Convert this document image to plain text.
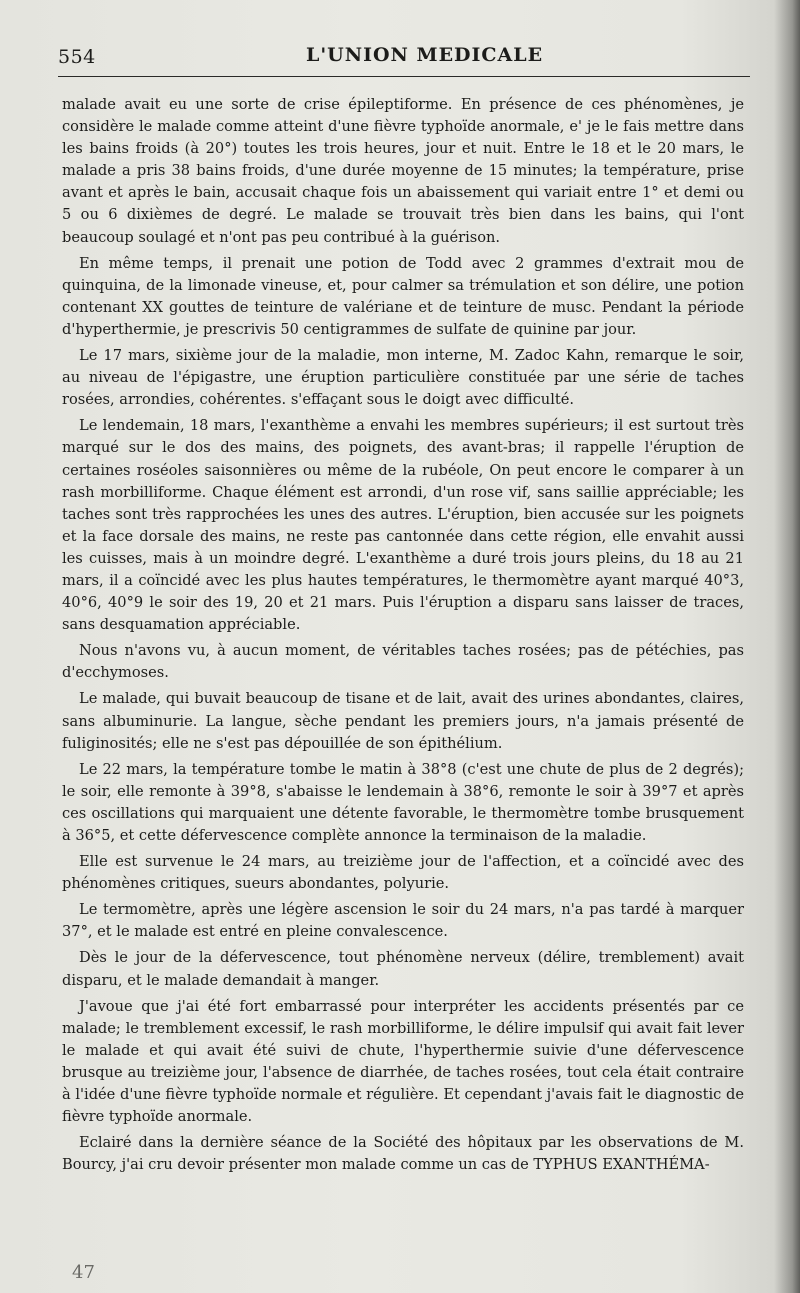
554	L'UNION MEDICALE

malade avait eu une sorte de crise épileptiforme. En présence de ces phénomènes, je considère le malade comme atteint d'une fièvre typhoïde anormale, e' je le fais mettre dans les bains froids (à 20°) toutes les trois heures, jour et nuit. Entre le 18 et le 20 mars, le malade a pris 38 bains froids, d'une durée moyenne de 15 minutes; la température, prise avant et après le bain, accusait chaque fois un abaissement qui variait entre 1° et demi ou 5 ou 6 dixièmes de degré. Le malade se trouvait très bien dans les bains, qui l'ont beaucoup soulagé et n'ont pas peu contribué à la guérison.

En même temps, il prenait une potion de Todd avec 2 grammes d'extrait mou de quinquina, de la limonade vineuse, et, pour calmer sa trémulation et son délire, une potion contenant XX gouttes de teinture de valériane et de teinture de musc. Pendant la période d'hyperthermie, je prescrivis 50 centigrammes de sulfate de quinine par jour.

Le 17 mars, sixième jour de la maladie, mon interne, M. Zadoc Kahn, remarque le soir, au niveau de l'épigastre, une éruption particulière constituée par une série de taches rosées, arrondies, cohérentes. s'effaçant sous le doigt avec difficulté.

Le lendemain, 18 mars, l'exanthème a envahi les membres supérieurs; il est surtout très marqué sur le dos des mains, des poignets, des avant-bras; il rappelle l'éruption de certaines roséoles saisonnières ou même de la rubéole, On peut encore le comparer à un rash morbilliforme. Chaque élément est arrondi, d'un rose vif, sans saillie appréciable; les taches sont très rapprochées les unes des autres. L'éruption, bien accusée sur les poignets et la face dorsale des mains, ne reste pas cantonnée dans cette région, elle envahit aussi les cuisses, mais à un moindre degré. L'exanthème a duré trois jours pleins, du 18 au 21 mars, il a coïncidé avec les plus hautes températures, le thermomètre ayant marqué 40°3, 40°6, 40°9 le soir des 19, 20 et 21 mars. Puis l'éruption a disparu sans laisser de traces, sans desquamation appréciable.

Nous n'avons vu, à aucun moment, de véritables taches rosées; pas de pétéchies, pas d'ecchymoses.

Le malade, qui buvait beaucoup de tisane et de lait, avait des urines abondantes, claires, sans albuminurie. La langue, sèche pendant les premiers jours, n'a jamais présenté de fuliginosités; elle ne s'est pas dépouillée de son épithélium.

Le 22 mars, la température tombe le matin à 38°8 (c'est une chute de plus de 2 degrés); le soir, elle remonte à 39°8, s'abaisse le lendemain à 38°6, remonte le soir à 39°7 et après ces oscillations qui marquaient une détente favorable, le thermomètre tombe brusquement à 36°5, et cette défervescence complète annonce la terminaison de la maladie.

Elle est survenue le 24 mars, au treizième jour de l'affection, et a coïncidé avec des phénomènes critiques, sueurs abondantes, polyurie.

Le termomètre, après une légère ascension le soir du 24 mars, n'a pas tardé à marquer 37°, et le malade est entré en pleine convalescence.

Dès le jour de la défervescence, tout phénomène nerveux (délire, tremblement) avait disparu, et le malade demandait à manger.

J'avoue que j'ai été fort embarrassé pour interpréter les accidents présentés par ce malade; le tremblement excessif, le rash morbilliforme, le délire impulsif qui avait fait lever le malade et qui avait été suivi de chute, l'hyperthermie suivie d'une défervescence brusque au treizième jour, l'absence de diarrhée, de taches rosées, tout cela était contraire à l'idée d'une fièvre typhoïde normale et régulière. Et cependant j'avais fait le diagnostic de fièvre typhoïde anormale.

Eclairé dans la dernière séance de la Société des hôpitaux par les observations de M. Bourcy, j'ai cru devoir présenter mon malade comme un cas de TYPHUS EXANTHÉMA-

47
